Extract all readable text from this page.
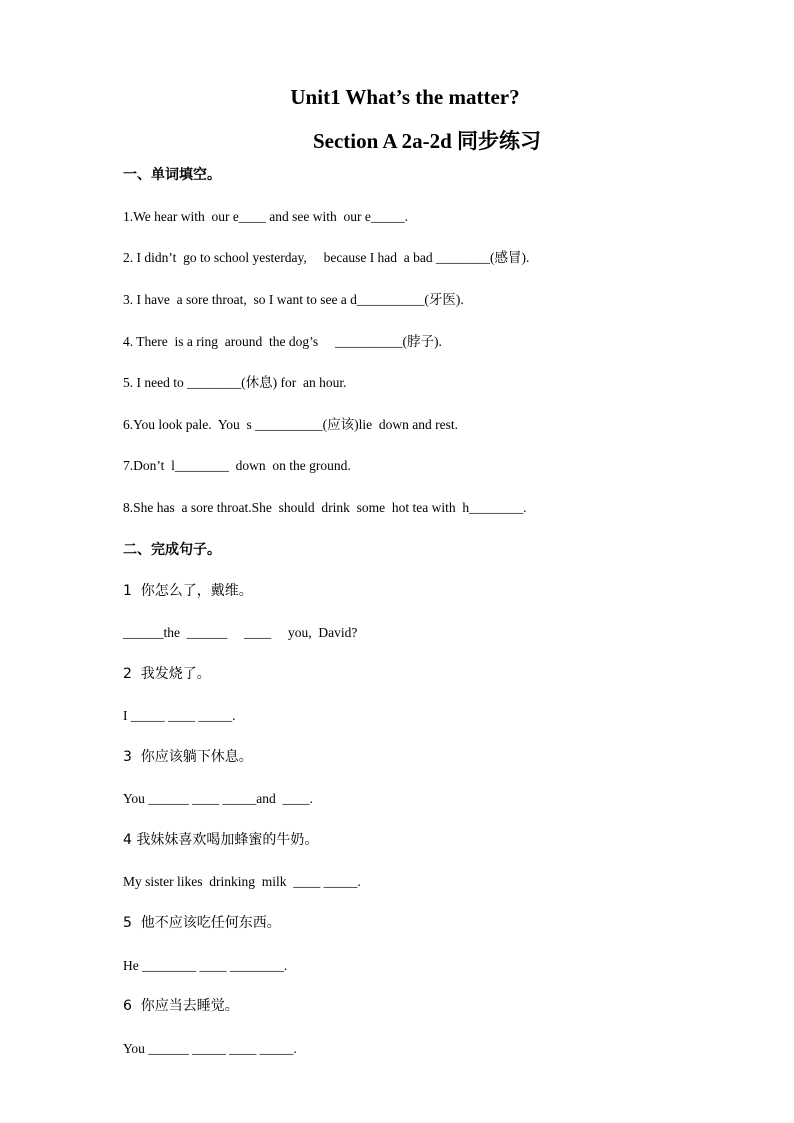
Unit1 What’s the matter?
Section A 2a-2d 同步练习
一、单词填空。
1.We hear with  our e____ and see with  our e_____.
2. I didn’t  go to school yesterday,     because I had  a bad ________(感冒).
3. I have  a sore throat,  so I want to see a d__________(牙医).
4. There  is a ring  around  the dog’s     __________(脖子).
5. I need to ________(休息) for  an hour.
6.You look pale.  You  s __________(应该)lie  down and rest.
7.Don’t  l________  down  on the ground.
8.She has  a sore throat.She  should  drink  some  hot tea with  h________.
二、完成句子。
1  你怎么了，戴维。
______the  ______     ____     you,  David?
2  我发烧了。
I _____ ____ _____.
3  你应该躺下休息。
You ______ ____ _____and  ____.
4 我妹妹喜欢喝加蜂蜜的牛奶。
My sister likes  drinking  milk  ____ _____.
5  他不应该吃任何东西。
He ________ ____ ________.
6  你应当去睡觉。
You ______ _____ ____ _____.
